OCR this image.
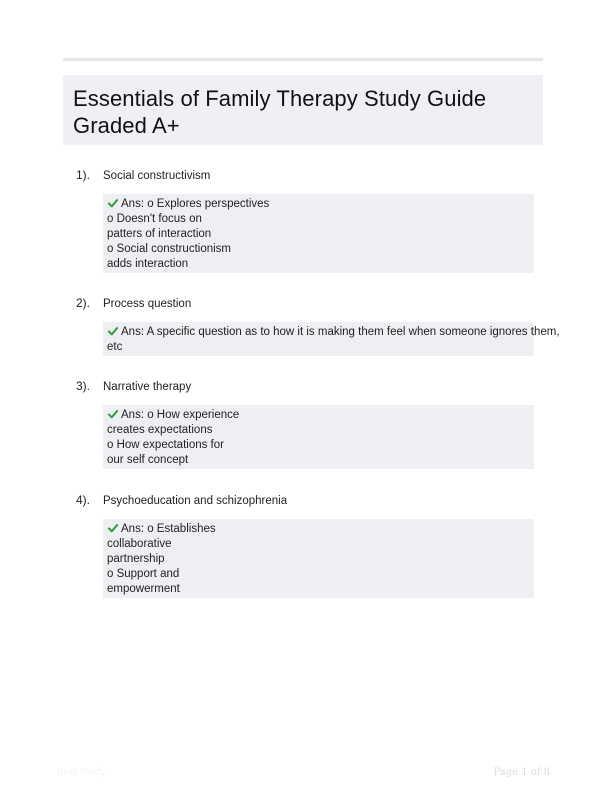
Essentials of Family Therapy Study Guide Graded A+
1). Social constructivism
Ans: o Explores perspectives
o Doesn't focus on
patters of interaction
o Social constructionism
adds interaction
2). Process question
Ans: A specific question as to how it is making them feel when someone ignores them,
etc
3). Narrative therapy
Ans: o How experience
creates expectations
o How expectations for
our self concept
4). Psychoeducation and schizophrenia
Ans: o Establishes
collaborative
partnership
o Support and
empowerment
Best Study	Page 1 of 8
